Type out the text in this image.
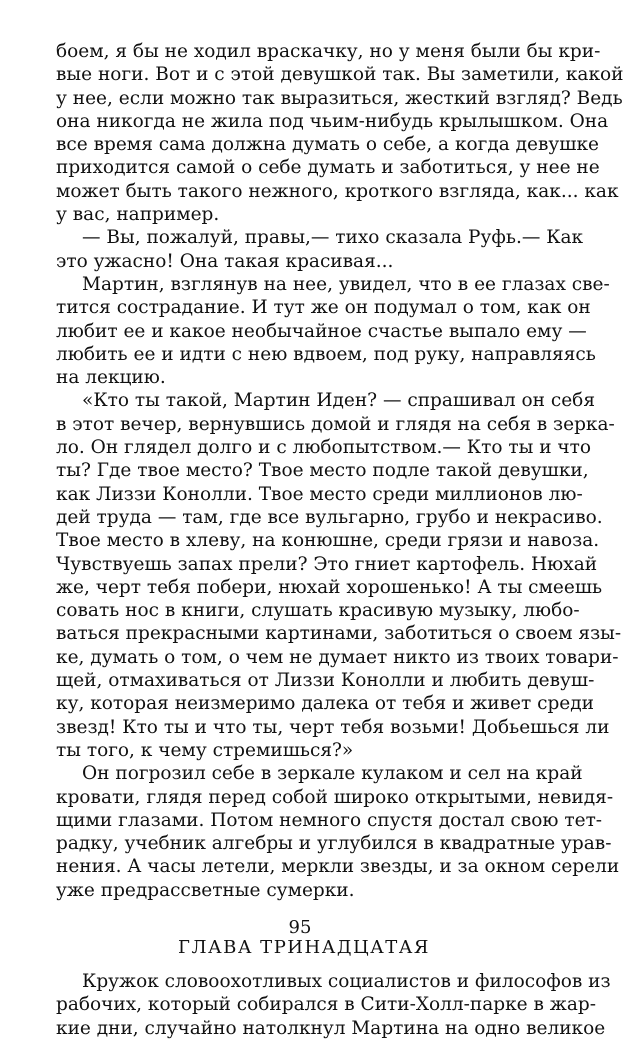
боем, я бы не ходил враскачку, но у меня были бы кри-
вые ноги. Вот и с этой девушкой так. Вы заметили, какой
у нее, если можно так выразиться, жесткий взгляд? Ведь
она никогда не жила под чьим-нибудь крылышком. Она
все время сама должна думать о себе, а когда девушке
приходится самой о себе думать и заботиться, у нее не
может быть такого нежного, кроткого взгляда, как... как
у вас, например.
— Вы, пожалуй, правы,— тихо сказала Руфь.— Как
это ужасно! Она такая красивая...
Мартин, взглянув на нее, увидел, что в ее глазах све-
тится сострадание. И тут же он подумал о том, как он
любит ее и какое необычайное счастье выпало ему —
любить ее и идти с нею вдвоем, под руку, направляясь
на лекцию.
«Кто ты такой, Мартин Иден? — спрашивал он себя
в этот вечер, вернувшись домой и глядя на себя в зерка-
ло. Он глядел долго и с любопытством.— Кто ты и что
ты? Где твое место? Твое место подле такой девушки,
как Лиззи Конолли. Твое место среди миллионов лю-
дей труда — там, где все вульгарно, грубо и некрасиво.
Твое место в хлеву, на конюшне, среди грязи и навоза.
Чувствуешь запах прели? Это гниет картофель. Нюхай
же, черт тебя побери, нюхай хорошенько! А ты смеешь
совать нос в книги, слушать красивую музыку, любо-
ваться прекрасными картинами, заботиться о своем язы-
ке, думать о том, о чем не думает никто из твоих товари-
щей, отмахиваться от Лиззи Конолли и любить девуш-
ку, которая неизмеримо далека от тебя и живет среди
звезд! Кто ты и что ты, черт тебя возьми! Добьешься ли
ты того, к чему стремишься?»
Он погрозил себе в зеркале кулаком и сел на край
кровати, глядя перед собой широко открытыми, невидя-
щими глазами. Потом немного спустя достал свою тет-
радку, учебник алгебры и углубился в квадратные урав-
нения. А часы летели, меркли звезды, и за окном серели
уже предрассветные сумерки.
ГЛАВА ТРИНАДЦАТАЯ
Кружок словоохотливых социалистов и философов из
рабочих, который собирался в Сити-Холл-парке в жар-
кие дни, случайно натолкнул Мартина на одно великое
95
